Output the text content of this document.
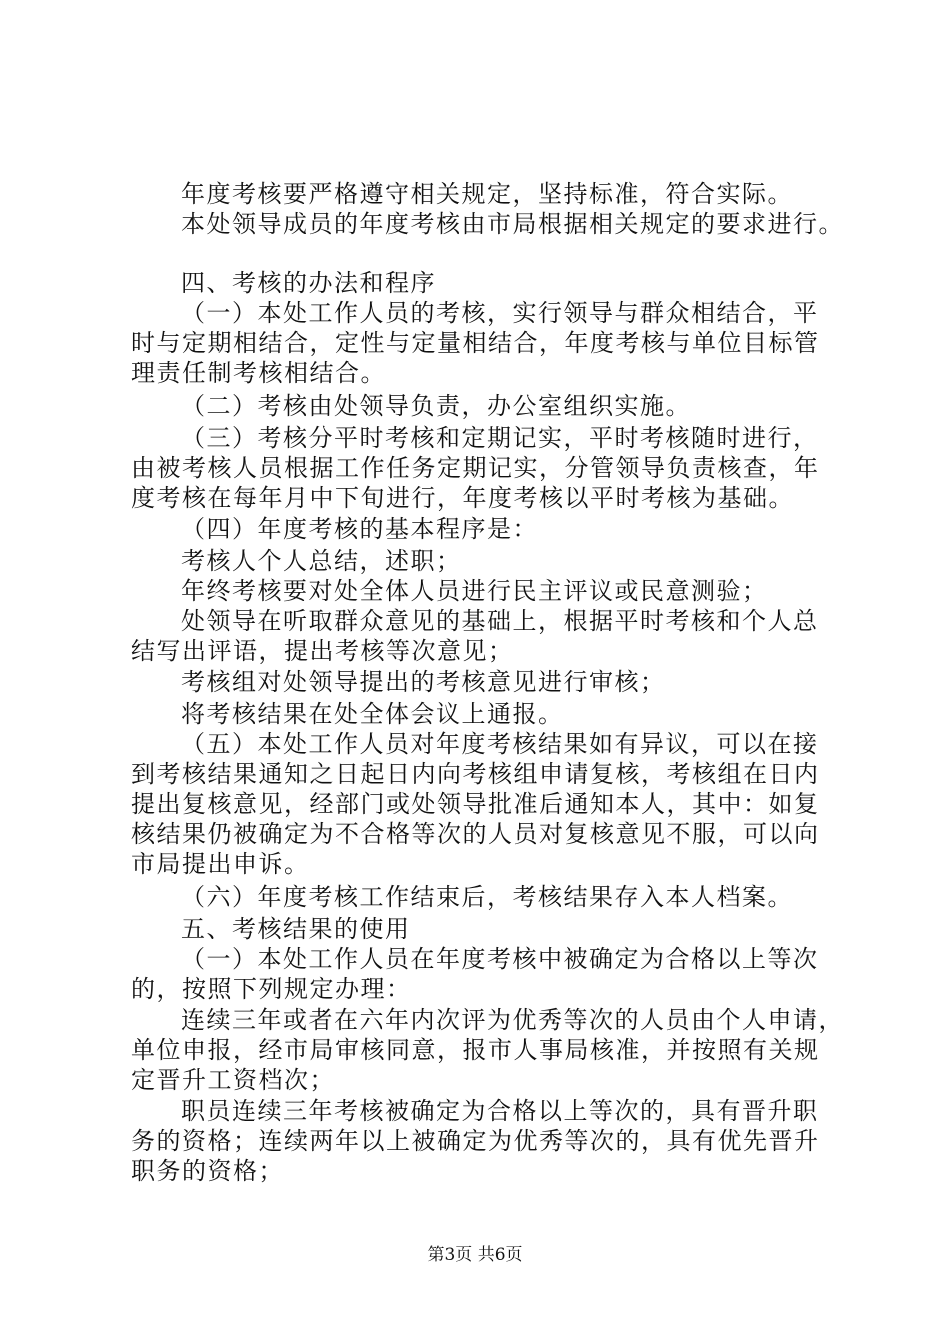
年度考核要严格遵守相关规定，坚持标准，符合实际。
本处领导成员的年度考核由市局根据相关规定的要求进行。
四、考核的办法和程序
（一）本处工作人员的考核，实行领导与群众相结合，平
时与定期相结合，定性与定量相结合，年度考核与单位目标管
理责任制考核相结合。
（二）考核由处领导负责，办公室组织实施。
（三）考核分平时考核和定期记实，平时考核随时进行，
由被考核人员根据工作任务定期记实，分管领导负责核查，年
度考核在每年月中下旬进行，年度考核以平时考核为基础。
（四）年度考核的基本程序是：
考核人个人总结，述职；
年终考核要对处全体人员进行民主评议或民意测验；
处领导在听取群众意见的基础上，根据平时考核和个人总
结写出评语，提出考核等次意见；
考核组对处领导提出的考核意见进行审核；
将考核结果在处全体会议上通报。
（五）本处工作人员对年度考核结果如有异议，可以在接
到考核结果通知之日起日内向考核组申请复核，考核组在日内
提出复核意见，经部门或处领导批准后通知本人，其中：如复
核结果仍被确定为不合格等次的人员对复核意见不服，可以向
市局提出申诉。
（六）年度考核工作结束后，考核结果存入本人档案。
五、考核结果的使用
（一）本处工作人员在年度考核中被确定为合格以上等次
的，按照下列规定办理：
连续三年或者在六年内次评为优秀等次的人员由个人申请，
单位申报，经市局审核同意，报市人事局核准，并按照有关规
定晋升工资档次；
职员连续三年考核被确定为合格以上等次的，具有晋升职
务的资格；连续两年以上被确定为优秀等次的，具有优先晋升
职务的资格；
第3页 共6页
